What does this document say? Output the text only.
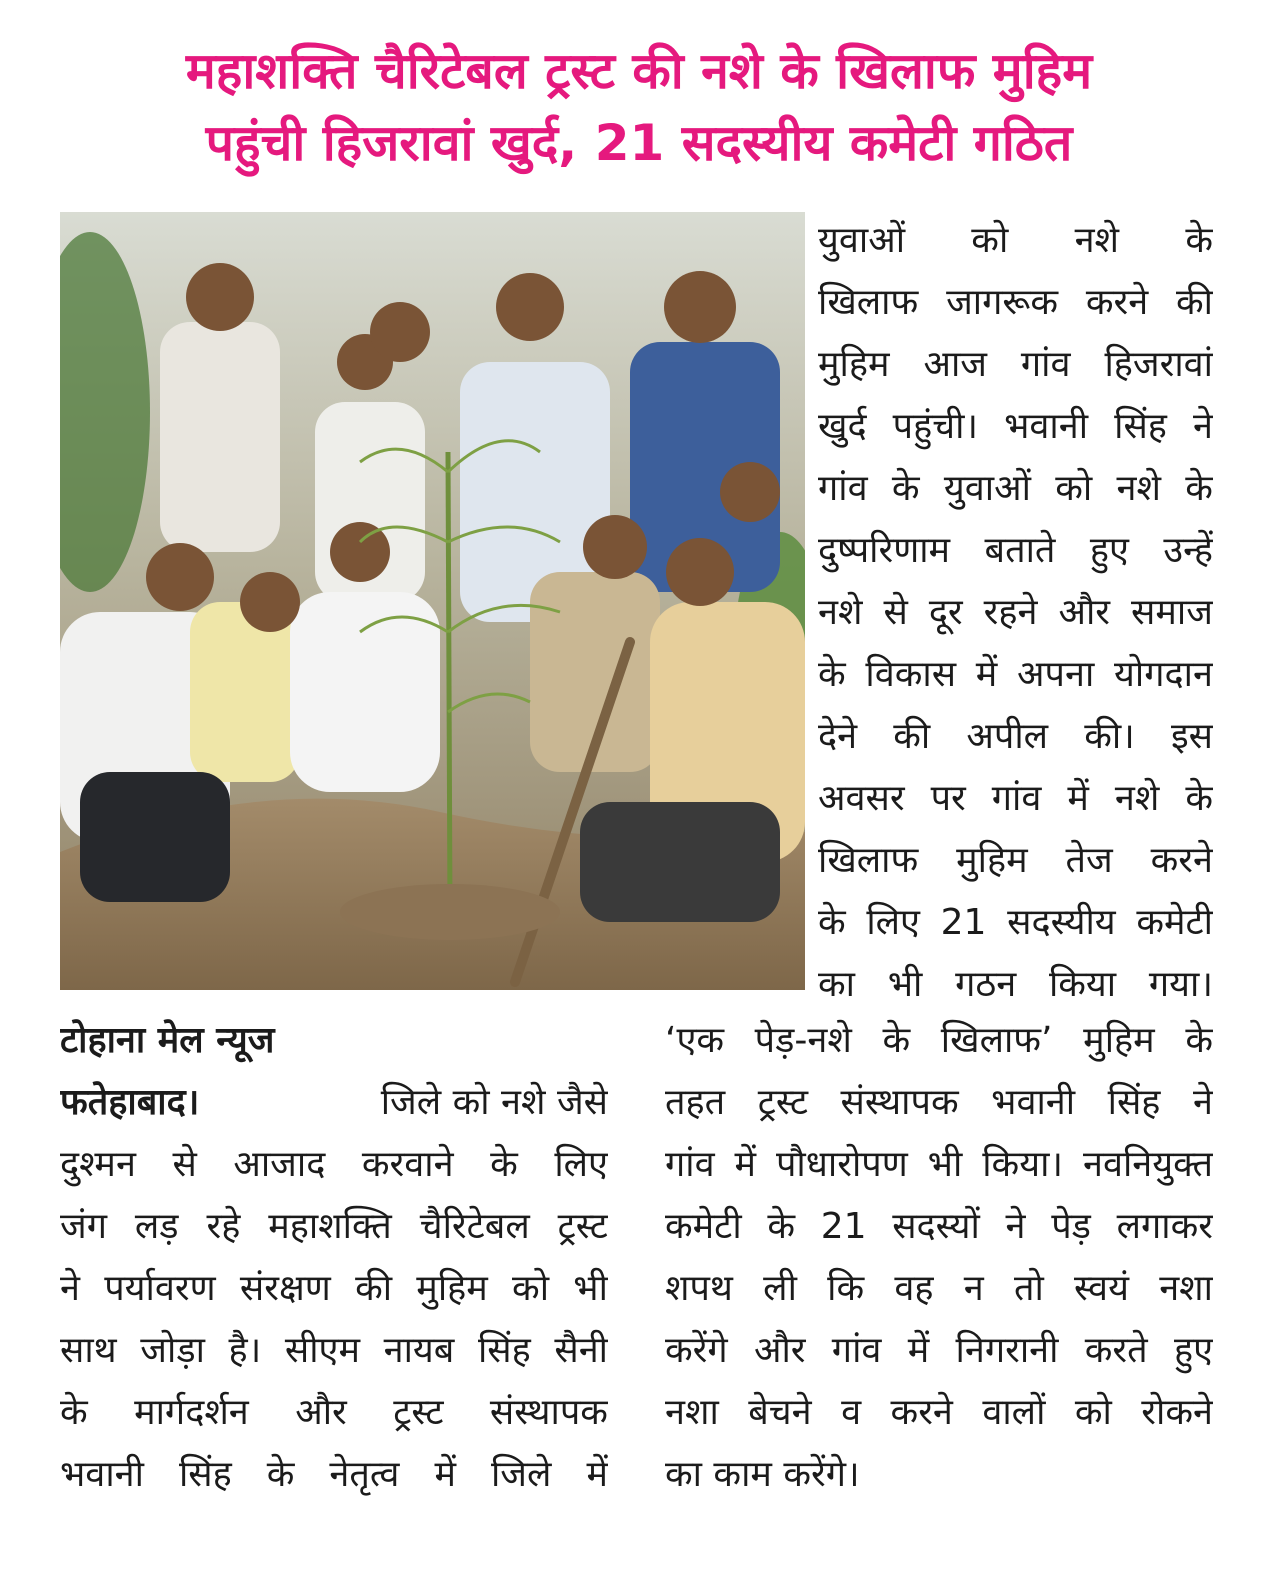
महाशक्ति चैरिटेबल ट्रस्ट की नशे के खिलाफ मुहिम
पहुंची हिजरावां खुर्द, 21 सदस्यीय कमेटी गठित
युवाओं को नशे के
खिलाफ जागरूक करने की
मुहिम आज गांव हिजरावां
खुर्द पहुंची। भवानी सिंह ने
गांव के युवाओं को नशे के
दुष्परिणाम बताते हुए उन्हें
नशे से दूर रहने और समाज
के विकास में अपना योगदान
देने की अपील की। इस
अवसर पर गांव में नशे के
खिलाफ मुहिम तेज करने
के लिए 21 सदस्यीय कमेटी
का भी गठन किया गया।
टोहाना मेल न्यूज
फतेहाबाद।	जिले को नशे जैसे
दुश्मन से आजाद करवाने के लिए
जंग लड़ रहे महाशक्ति चैरिटेबल ट्रस्ट
ने पर्यावरण संरक्षण की मुहिम को भी
साथ जोड़ा है। सीएम नायब सिंह सैनी
के मार्गदर्शन और ट्रस्ट संस्थापक
भवानी सिंह के नेतृत्व में जिले में
‘एक पेड़-नशे के खिलाफ’ मुहिम के
तहत ट्रस्ट संस्थापक भवानी सिंह ने
गांव में पौधारोपण भी किया। नवनियुक्त
कमेटी के 21 सदस्यों ने पेड़ लगाकर
शपथ ली कि वह न तो स्वयं नशा
करेंगे और गांव में निगरानी करते हुए
नशा बेचने व करने वालों को रोकने
का काम करेंगे।
